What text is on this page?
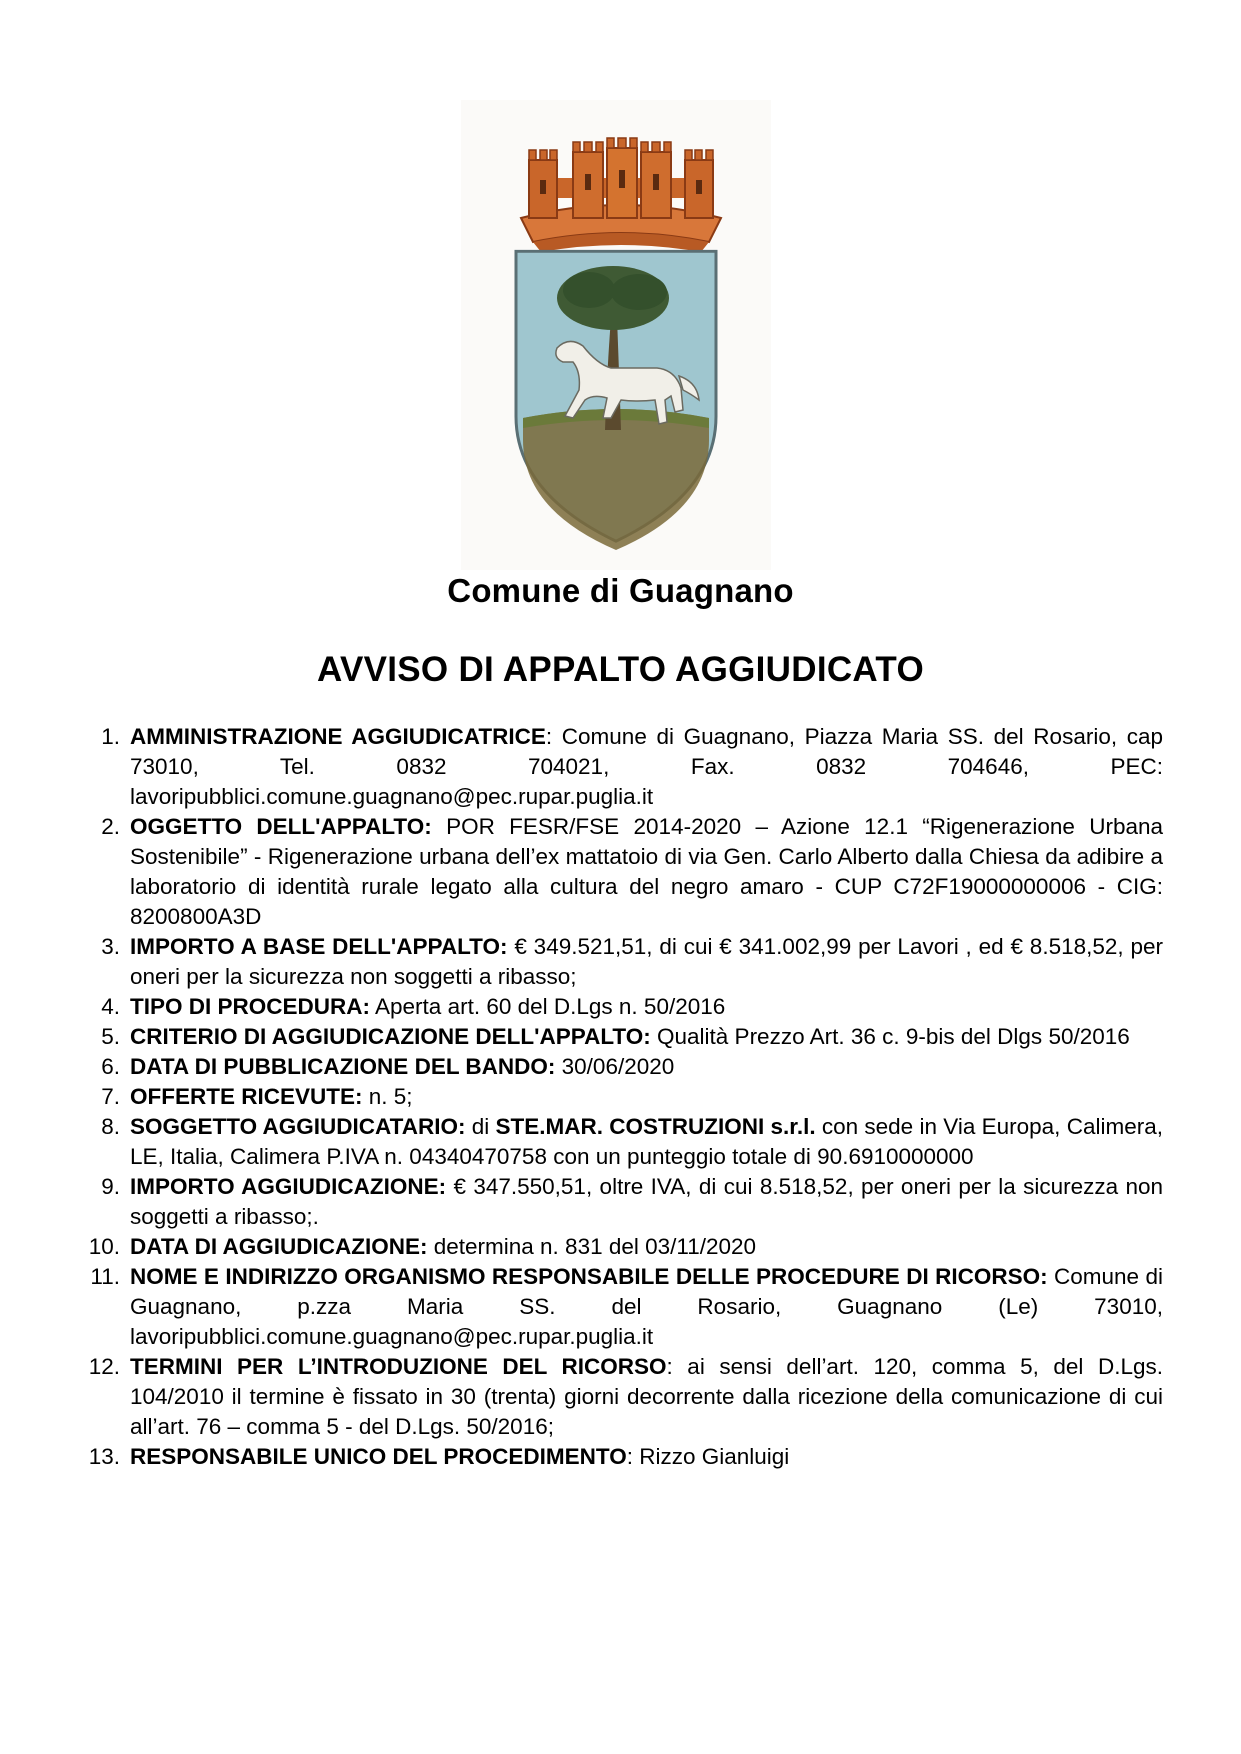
Comune di Guagnano
AVVISO DI APPALTO AGGIUDICATO
1. AMMINISTRAZIONE AGGIUDICATRICE: Comune di Guagnano, Piazza Maria SS. del Rosario, cap 73010, Tel. 0832 704021, Fax. 0832 704646, PEC: lavoripubblici.comune.guagnano@pec.rupar.puglia.it
2. OGGETTO DELL'APPALTO: POR FESR/FSE 2014-2020 – Azione 12.1 “Rigenerazione Urbana Sostenibile” - Rigenerazione urbana dell’ex mattatoio di via Gen. Carlo Alberto dalla Chiesa da adibire a laboratorio di identità rurale legato alla cultura del negro amaro - CUP C72F19000000006 - CIG: 8200800A3D
3. IMPORTO A BASE DELL'APPALTO: € 349.521,51, di cui € 341.002,99 per Lavori , ed € 8.518,52, per oneri per la sicurezza non soggetti a ribasso;
4. TIPO DI PROCEDURA: Aperta art. 60 del D.Lgs n. 50/2016
5. CRITERIO DI AGGIUDICAZIONE DELL'APPALTO: Qualità Prezzo Art. 36 c. 9-bis del Dlgs 50/2016
6. DATA DI PUBBLICAZIONE DEL BANDO: 30/06/2020
7. OFFERTE RICEVUTE: n. 5;
8. SOGGETTO AGGIUDICATARIO: di STE.MAR. COSTRUZIONI s.r.l. con sede in Via Europa, Calimera, LE, Italia, Calimera P.IVA n. 04340470758 con un punteggio totale di 90.6910000000
9. IMPORTO AGGIUDICAZIONE: € 347.550,51, oltre IVA, di cui 8.518,52, per oneri per la sicurezza non soggetti a ribasso;.
10. DATA DI AGGIUDICAZIONE: determina n. 831 del 03/11/2020
11. NOME E INDIRIZZO ORGANISMO RESPONSABILE DELLE PROCEDURE DI RICORSO: Comune di Guagnano, p.zza Maria SS. del Rosario, Guagnano (Le) 73010, lavoripubblici.comune.guagnano@pec.rupar.puglia.it
12. TERMINI PER L’INTRODUZIONE DEL RICORSO: ai sensi dell’art. 120, comma 5, del D.Lgs. 104/2010 il termine è fissato in 30 (trenta) giorni decorrente dalla ricezione della comunicazione di cui all’art. 76 – comma 5 - del D.Lgs. 50/2016;
13. RESPONSABILE UNICO DEL PROCEDIMENTO: Rizzo Gianluigi
